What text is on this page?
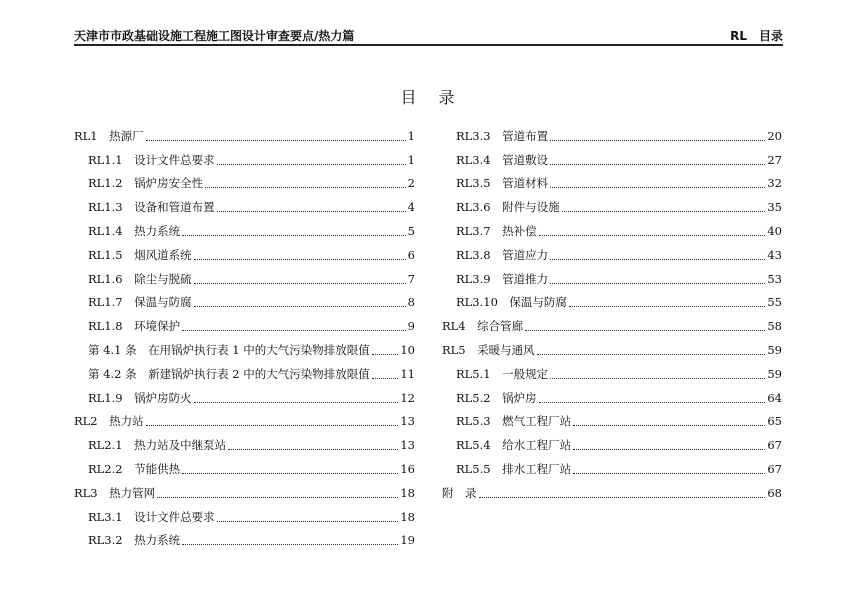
天津市市政基础设施工程施工图设计审查要点/热力篇	RL　目录
目录
RL1　热源厂	1
RL1.1　设计文件总要求	1
RL1.2　锅炉房安全性	2
RL1.3　设备和管道布置	4
RL1.4　热力系统	5
RL1.5　烟风道系统	6
RL1.6　除尘与脱硫	7
RL1.7　保温与防腐	8
RL1.8　环境保护	9
第 4.1 条　在用锅炉执行表 1 中的大气污染物排放限值	10
第 4.2 条　新建锅炉执行表 2 中的大气污染物排放限值	11
RL1.9　锅炉房防火	12
RL2　热力站	13
RL2.1　热力站及中继泵站	13
RL2.2　节能供热	16
RL3　热力管网	18
RL3.1　设计文件总要求	18
RL3.2　热力系统	19
RL3.3　管道布置	20
RL3.4　管道敷设	27
RL3.5　管道材料	32
RL3.6　附件与设施	35
RL3.7　热补偿	40
RL3.8　管道应力	43
RL3.9　管道推力	53
RL3.10　保温与防腐	55
RL4　综合管廊	58
RL5　采暖与通风	59
RL5.1　一般规定	59
RL5.2　锅炉房	64
RL5.3　燃气工程厂站	65
RL5.4　给水工程厂站	67
RL5.5　排水工程厂站	67
附　录	68
